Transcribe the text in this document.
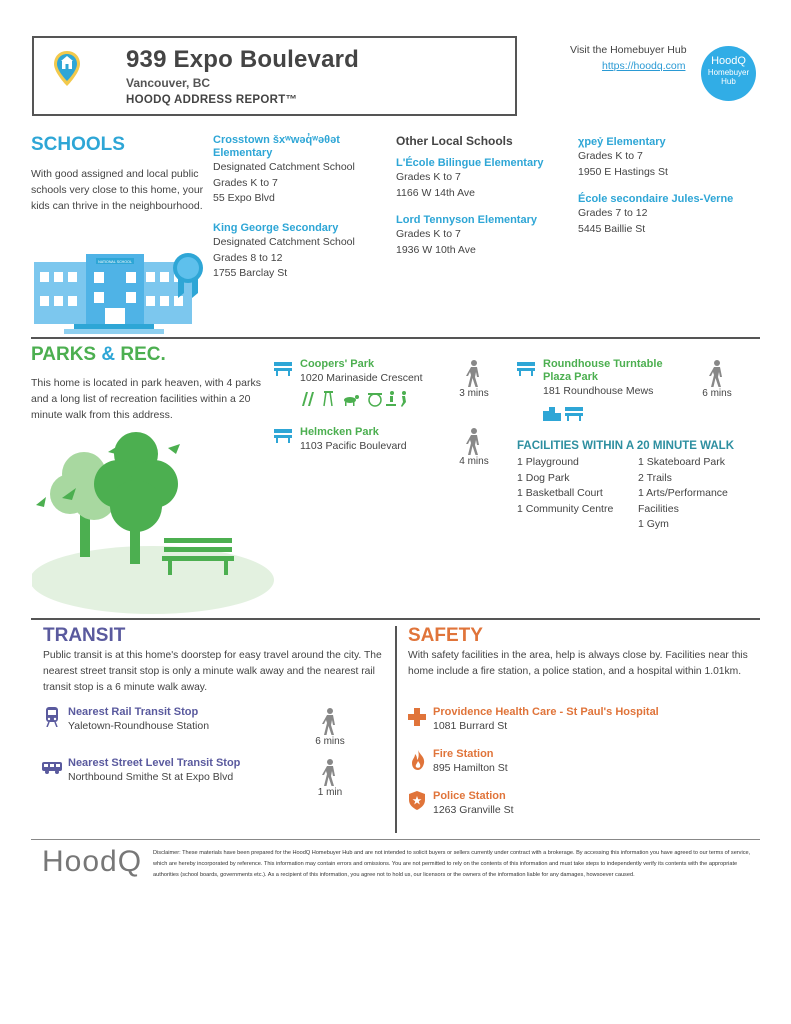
939 Expo Boulevard
Vancouver, BC
HOODQ ADDRESS REPORT™
Visit the Homebuyer Hub
https://hoodq.com	HoodQ
Homebuyer
Hub
SCHOOLS
With good assigned and local public schools very close to this home, your kids can thrive in the neighbourhood.
NATIONAL SCHOOL
Crosstown šxʷwəq̓ʷəθət Elementary
Designated Catchment School
Grades K to 7
55 Expo Blvd
King George Secondary
Designated Catchment School
Grades 8 to 12
1755 Barclay St
Other Local Schools
L'École Bilingue Elementary
Grades K to 7
1166 W 14th Ave
Lord Tennyson Elementary
Grades K to 7
1936 W 10th Ave
χpeỷ Elementary
Grades K to 7
1950 E Hastings St
École secondaire Jules-Verne
Grades 7 to 12
5445 Baillie St
PARKS & REC.
This home is located in park heaven, with 4 parks and a long list of recreation facilities within a 20 minute walk from this address.
Coopers' Park
1020 Marinaside Crescent
3 mins
Helmcken Park
1103 Pacific Boulevard
4 mins
Roundhouse Turntable Plaza Park
181 Roundhouse Mews	6 mins
FACILITIES WITHIN A 20 MINUTE WALK
1 Playground
1 Dog Park
1 Basketball Court
1 Community Centre
1 Skateboard Park
2 Trails
1 Arts/Performance Facilities
1 Gym
TRANSIT
Public transit is at this home's doorstep for easy travel around the city. The nearest street transit stop is only a minute walk away and the nearest rail transit stop is a 6 minute walk away.
Nearest Rail Transit Stop
Yaletown-Roundhouse Station
6 mins
Nearest Street Level Transit Stop
Northbound Smithe St at Expo Blvd
1 min
SAFETY
With safety facilities in the area, help is always close by. Facilities near this home include a fire station, a police station, and a hospital within 1.01km.
Providence Health Care - St Paul's Hospital
1081 Burrard St
Fire Station
895 Hamilton St
Police Station
1263 Granville St
HoodQ Disclaimer: These materials have been prepared for the HoodQ Homebuyer Hub and are not intended to solicit buyers or sellers currently under contract with a brokerage. By accessing this information you have agreed to our terms of service, which are hereby incorporated by reference. This information may contain errors and omissions. You are not permitted to rely on the contents of this information and must take steps to independently verify its contents with the appropriate authorities (school boards, governments etc.). As a recipient of this information, you agree not to hold us, our licensors or the owners of the information liable for any damages, howsoever caused.
